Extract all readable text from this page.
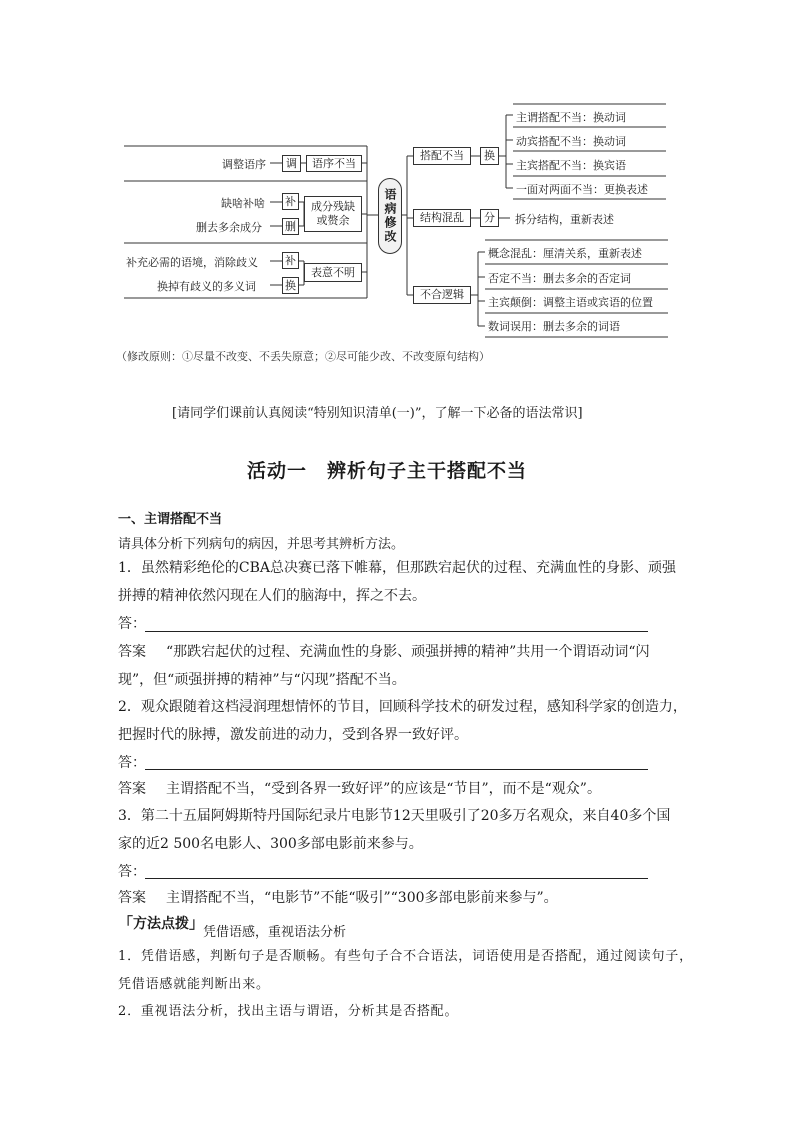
语病修改
调整语序	调	语序不当
缺啥补啥 补
删去多余成分 删
成分残缺或赘余
补充必需的语境，消除歧义 补
换掉有歧义的多义词	换
表意不明
搭配不当	换
主谓搭配不当：换动词
动宾搭配不当：换动词
主宾搭配不当：换宾语
一面对两面不当：更换表述
结构混乱	分	拆分结构，重新表述
不合逻辑
概念混乱：厘清关系，重新表述
否定不当：删去多余的否定词
主宾颠倒：调整主语或宾语的位置
数词误用：删去多余的词语
（修改原则：①尽量不改变、不丢失原意；②尽可能少改、不改变原句结构）
[请同学们课前认真阅读“特别知识清单(一)”，了解一下必备的语法常识]
活动一　辨析句子主干搭配不当
一、主谓搭配不当
请具体分析下列病句的病因，并思考其辨析方法。
1．虽然精彩绝伦的CBA总决赛已落下帷幕，但那跌宕起伏的过程、充满血性的身影、顽强
拼搏的精神依然闪现在人们的脑海中，挥之不去。
答：
答案 “那跌宕起伏的过程、充满血性的身影、顽强拼搏的精神”共用一个谓语动词“闪
现”，但“顽强拼搏的精神”与“闪现”搭配不当。
2．观众跟随着这档浸润理想情怀的节目，回顾科学技术的研发过程，感知科学家的创造力，
把握时代的脉搏，激发前进的动力，受到各界一致好评。
答：
答案 主谓搭配不当，“受到各界一致好评”的应该是“节目”，而不是“观众”。
3．第二十五届阿姆斯特丹国际纪录片电影节12天里吸引了20多万名观众，来自40多个国
家的近2 500名电影人、300多部电影前来参与。
答：
答案 主谓搭配不当，“电影节”不能“吸引”“300多部电影前来参与”。
「方法点拨」
凭借语感，重视语法分析
1．凭借语感，判断句子是否顺畅。有些句子合不合语法，词语使用是否搭配，通过阅读句子，
凭借语感就能判断出来。
2．重视语法分析，找出主语与谓语，分析其是否搭配。
